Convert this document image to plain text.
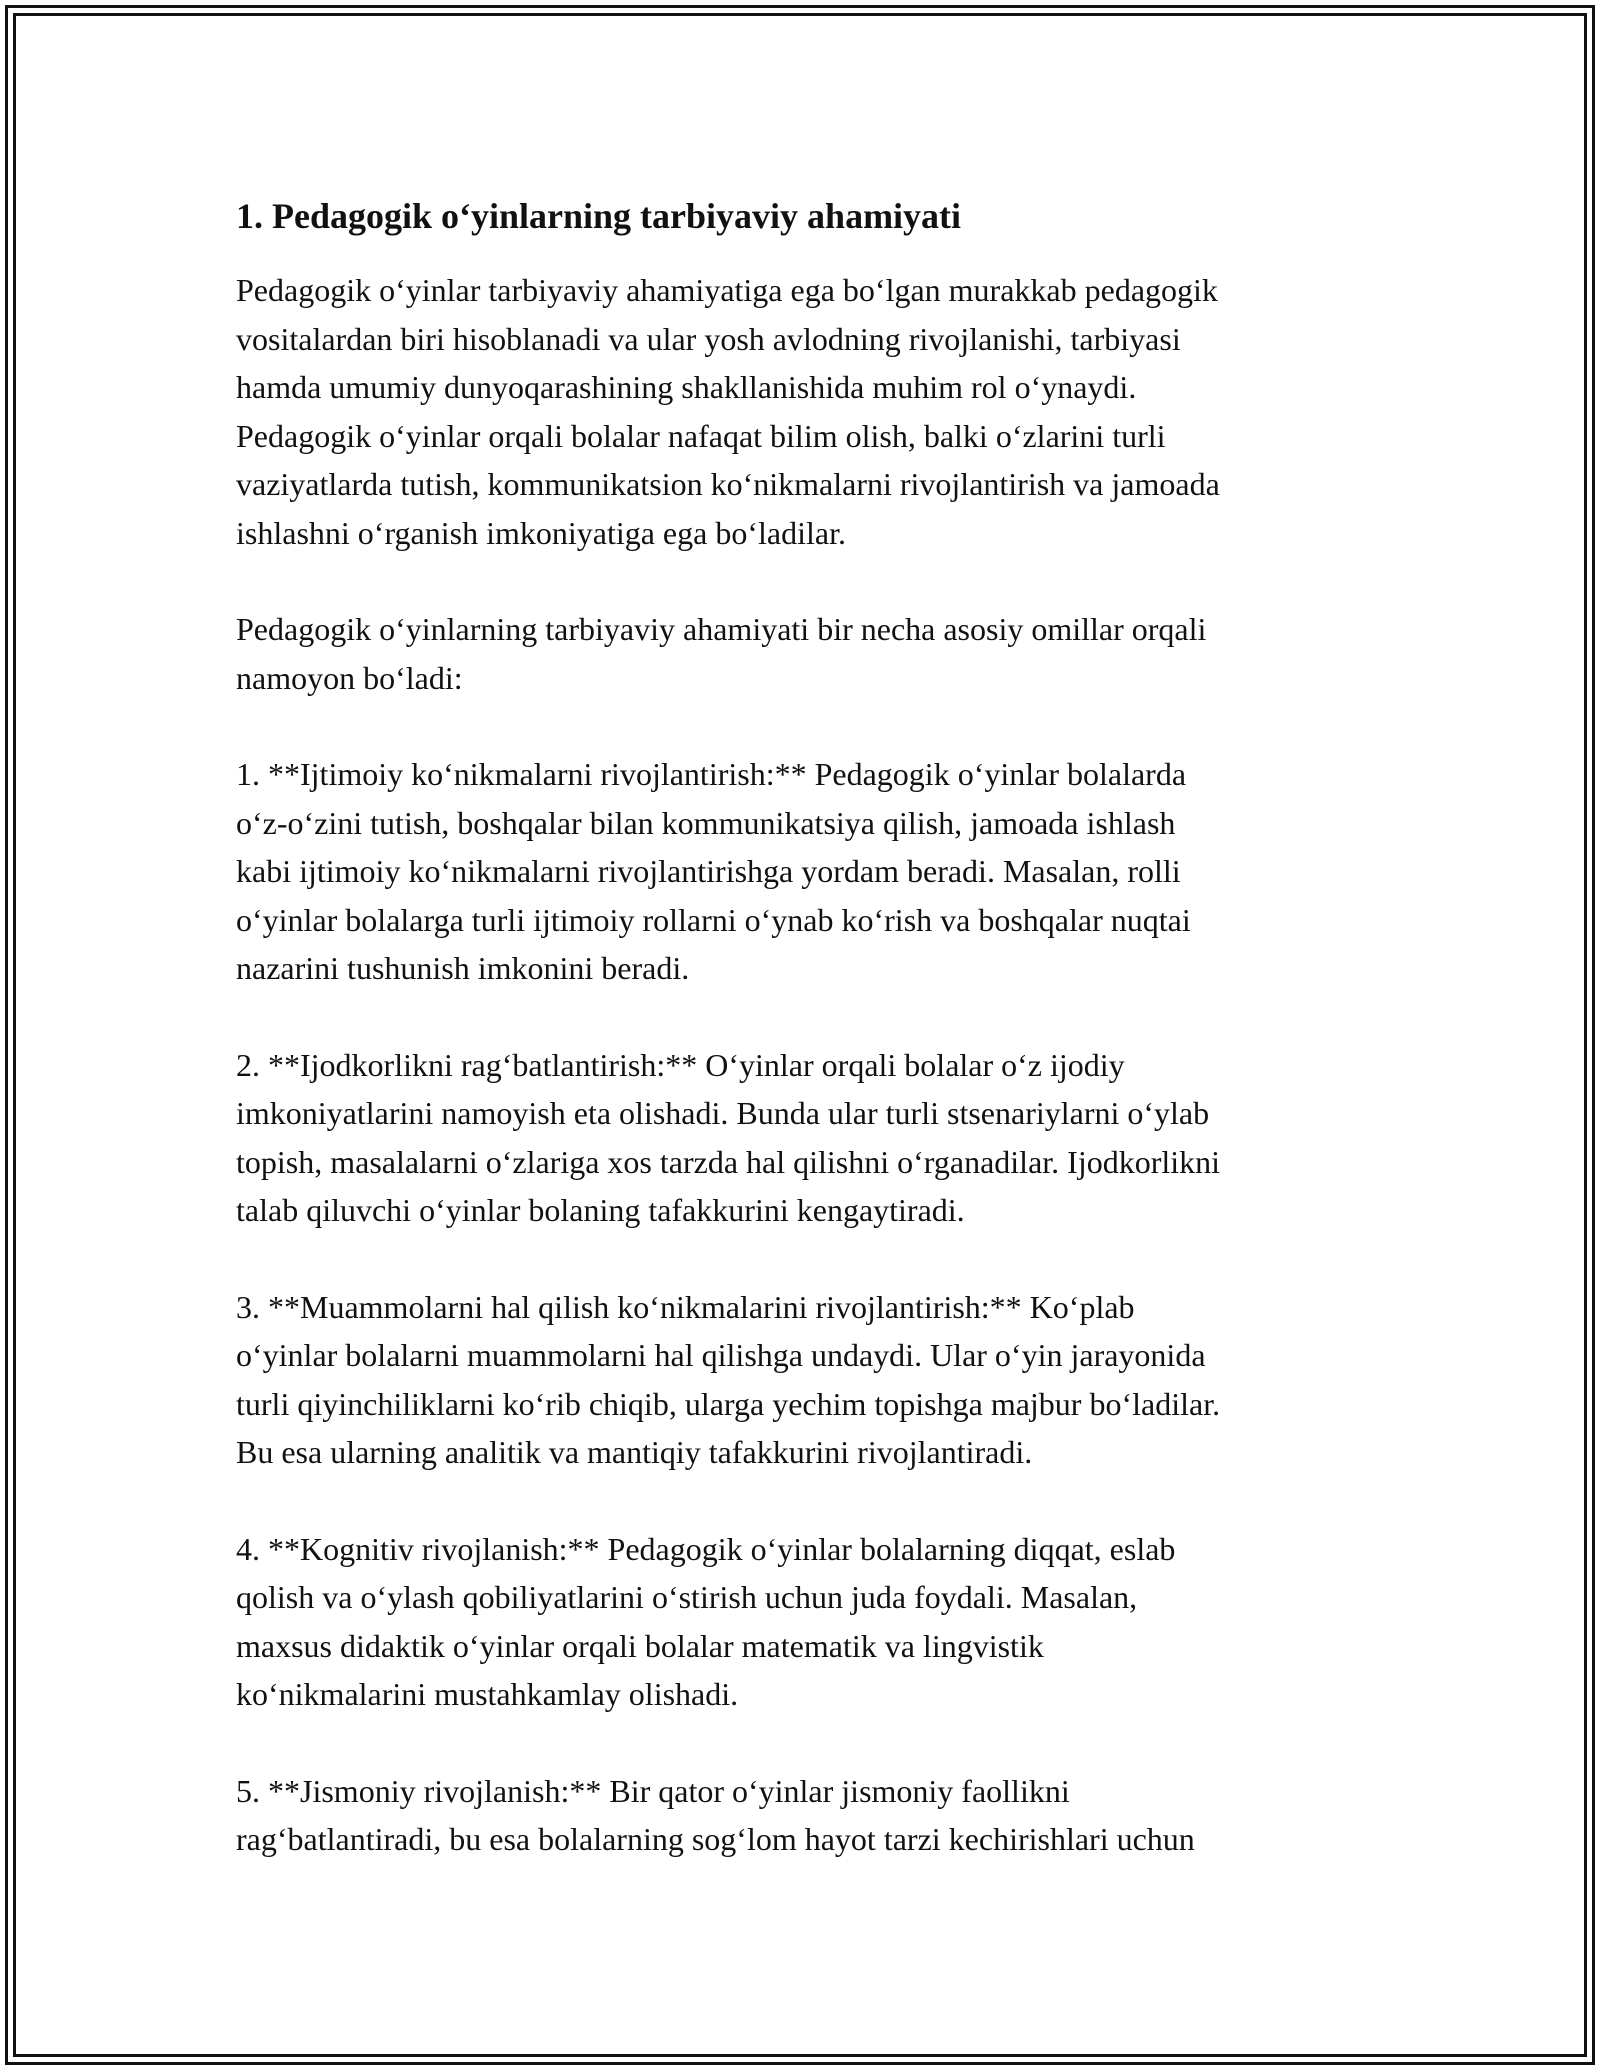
1. Pedagogik o‘yinlarning tarbiyaviy ahamiyati

Pedagogik o‘yinlar tarbiyaviy ahamiyatiga ega bo‘lgan murakkab pedagogik
vositalardan biri hisoblanadi va ular yosh avlodning rivojlanishi, tarbiyasi
hamda umumiy dunyoqarashining shakllanishida muhim rol o‘ynaydi.
Pedagogik o‘yinlar orqali bolalar nafaqat bilim olish, balki o‘zlarini turli
vaziyatlarda tutish, kommunikatsion ko‘nikmalarni rivojlantirish va jamoada
ishlashni o‘rganish imkoniyatiga ega bo‘ladilar.

Pedagogik o‘yinlarning tarbiyaviy ahamiyati bir necha asosiy omillar orqali
namoyon bo‘ladi:

1. **Ijtimoiy ko‘nikmalarni rivojlantirish:** Pedagogik o‘yinlar bolalarda
o‘z-o‘zini tutish, boshqalar bilan kommunikatsiya qilish, jamoada ishlash
kabi ijtimoiy ko‘nikmalarni rivojlantirishga yordam beradi. Masalan, rolli
o‘yinlar bolalarga turli ijtimoiy rollarni o‘ynab ko‘rish va boshqalar nuqtai
nazarini tushunish imkonini beradi.

2. **Ijodkorlikni rag‘batlantirish:** O‘yinlar orqali bolalar o‘z ijodiy
imkoniyatlarini namoyish eta olishadi. Bunda ular turli stsenariylarni o‘ylab
topish, masalalarni o‘zlariga xos tarzda hal qilishni o‘rganadilar. Ijodkorlikni
talab qiluvchi o‘yinlar bolaning tafakkurini kengaytiradi.

3. **Muammolarni hal qilish ko‘nikmalarini rivojlantirish:** Ko‘plab
o‘yinlar bolalarni muammolarni hal qilishga undaydi. Ular o‘yin jarayonida
turli qiyinchiliklarni ko‘rib chiqib, ularga yechim topishga majbur bo‘ladilar.
Bu esa ularning analitik va mantiqiy tafakkurini rivojlantiradi.

4. **Kognitiv rivojlanish:** Pedagogik o‘yinlar bolalarning diqqat, eslab
qolish va o‘ylash qobiliyatlarini o‘stirish uchun juda foydali. Masalan,
maxsus didaktik o‘yinlar orqali bolalar matematik va lingvistik
ko‘nikmalarini mustahkamlay olishadi.

5. **Jismoniy rivojlanish:** Bir qator o‘yinlar jismoniy faollikni
rag‘batlantiradi, bu esa bolalarning sog‘lom hayot tarzi kechirishlari uchun
